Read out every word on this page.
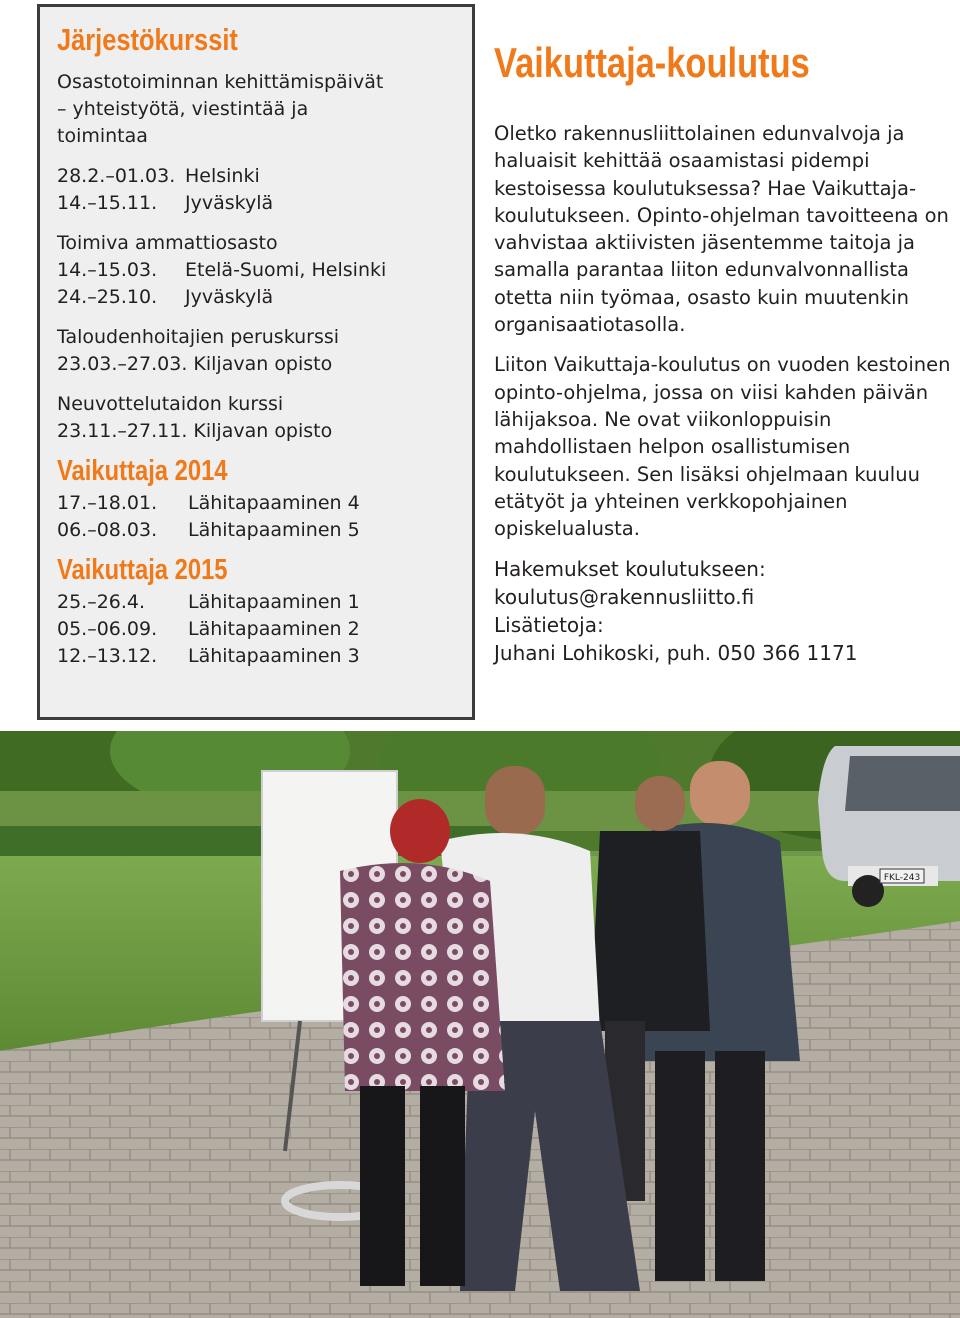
Järjestökurssit
Osastotoiminnan kehittämispäivät
– yhteistyötä, viestintää ja
toimintaa
28.2.–01.03. Helsinki
14.–15.11.	Jyväskylä
Toimiva ammattiosasto
14.–15.03.	Etelä-Suomi, Helsinki
24.–25.10.	Jyväskylä
Taloudenhoitajien peruskurssi
23.03.–27.03. Kiljavan opisto
Neuvottelutaidon kurssi
23.11.–27.11. Kiljavan opisto
Vaikuttaja 2014
17.–18.01.	Lähitapaaminen 4
06.–08.03.	Lähitapaaminen 5
Vaikuttaja 2015
25.–26.4.	Lähitapaaminen 1
05.–06.09.	Lähitapaaminen 2
12.–13.12.	Lähitapaaminen 3
Vaikuttaja-koulutus

Oletko rakennusliittolainen edunvalvoja ja haluaisit kehittää osaamistasi pidempi kestoisessa koulutuksessa? Hae Vaikuttaja-koulutukseen. Opinto-ohjelman tavoitteena on vahvistaa aktiivisten jäsentemme taitoja ja samalla parantaa liiton edunvalvonnallista otetta niin työmaa, osasto kuin muutenkin organisaatiotasolla.

Liiton Vaikuttaja-koulutus on vuoden kestoinen opinto-ohjelma, jossa on viisi kahden päivän lähijaksoa. Ne ovat viikonloppuisin mahdollistaen helpon osallistumisen koulutukseen. Sen lisäksi ohjelmaan kuuluu etätyöt ja yhteinen verkkopohjainen opiskelualusta.

Hakemukset koulutukseen:
koulutus@rakennusliitto.fi
Lisätietoja:
Juhani Lohikoski, puh. 050 366 1171
FKL-243
